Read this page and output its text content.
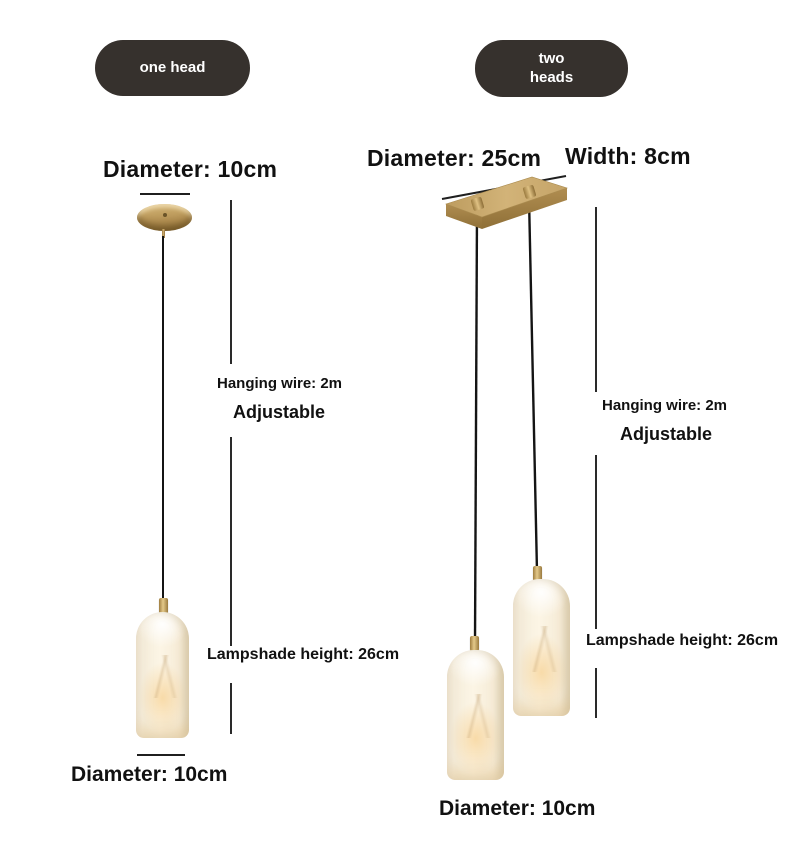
one head
two heads
Diameter: 10cm
Hanging wire: 2m
Adjustable
Lampshade height: 26cm
Diameter: 10cm
Diameter: 25cm Width: 8cm
Hanging wire: 2m
Adjustable
Lampshade height: 26cm
Diameter: 10cm
